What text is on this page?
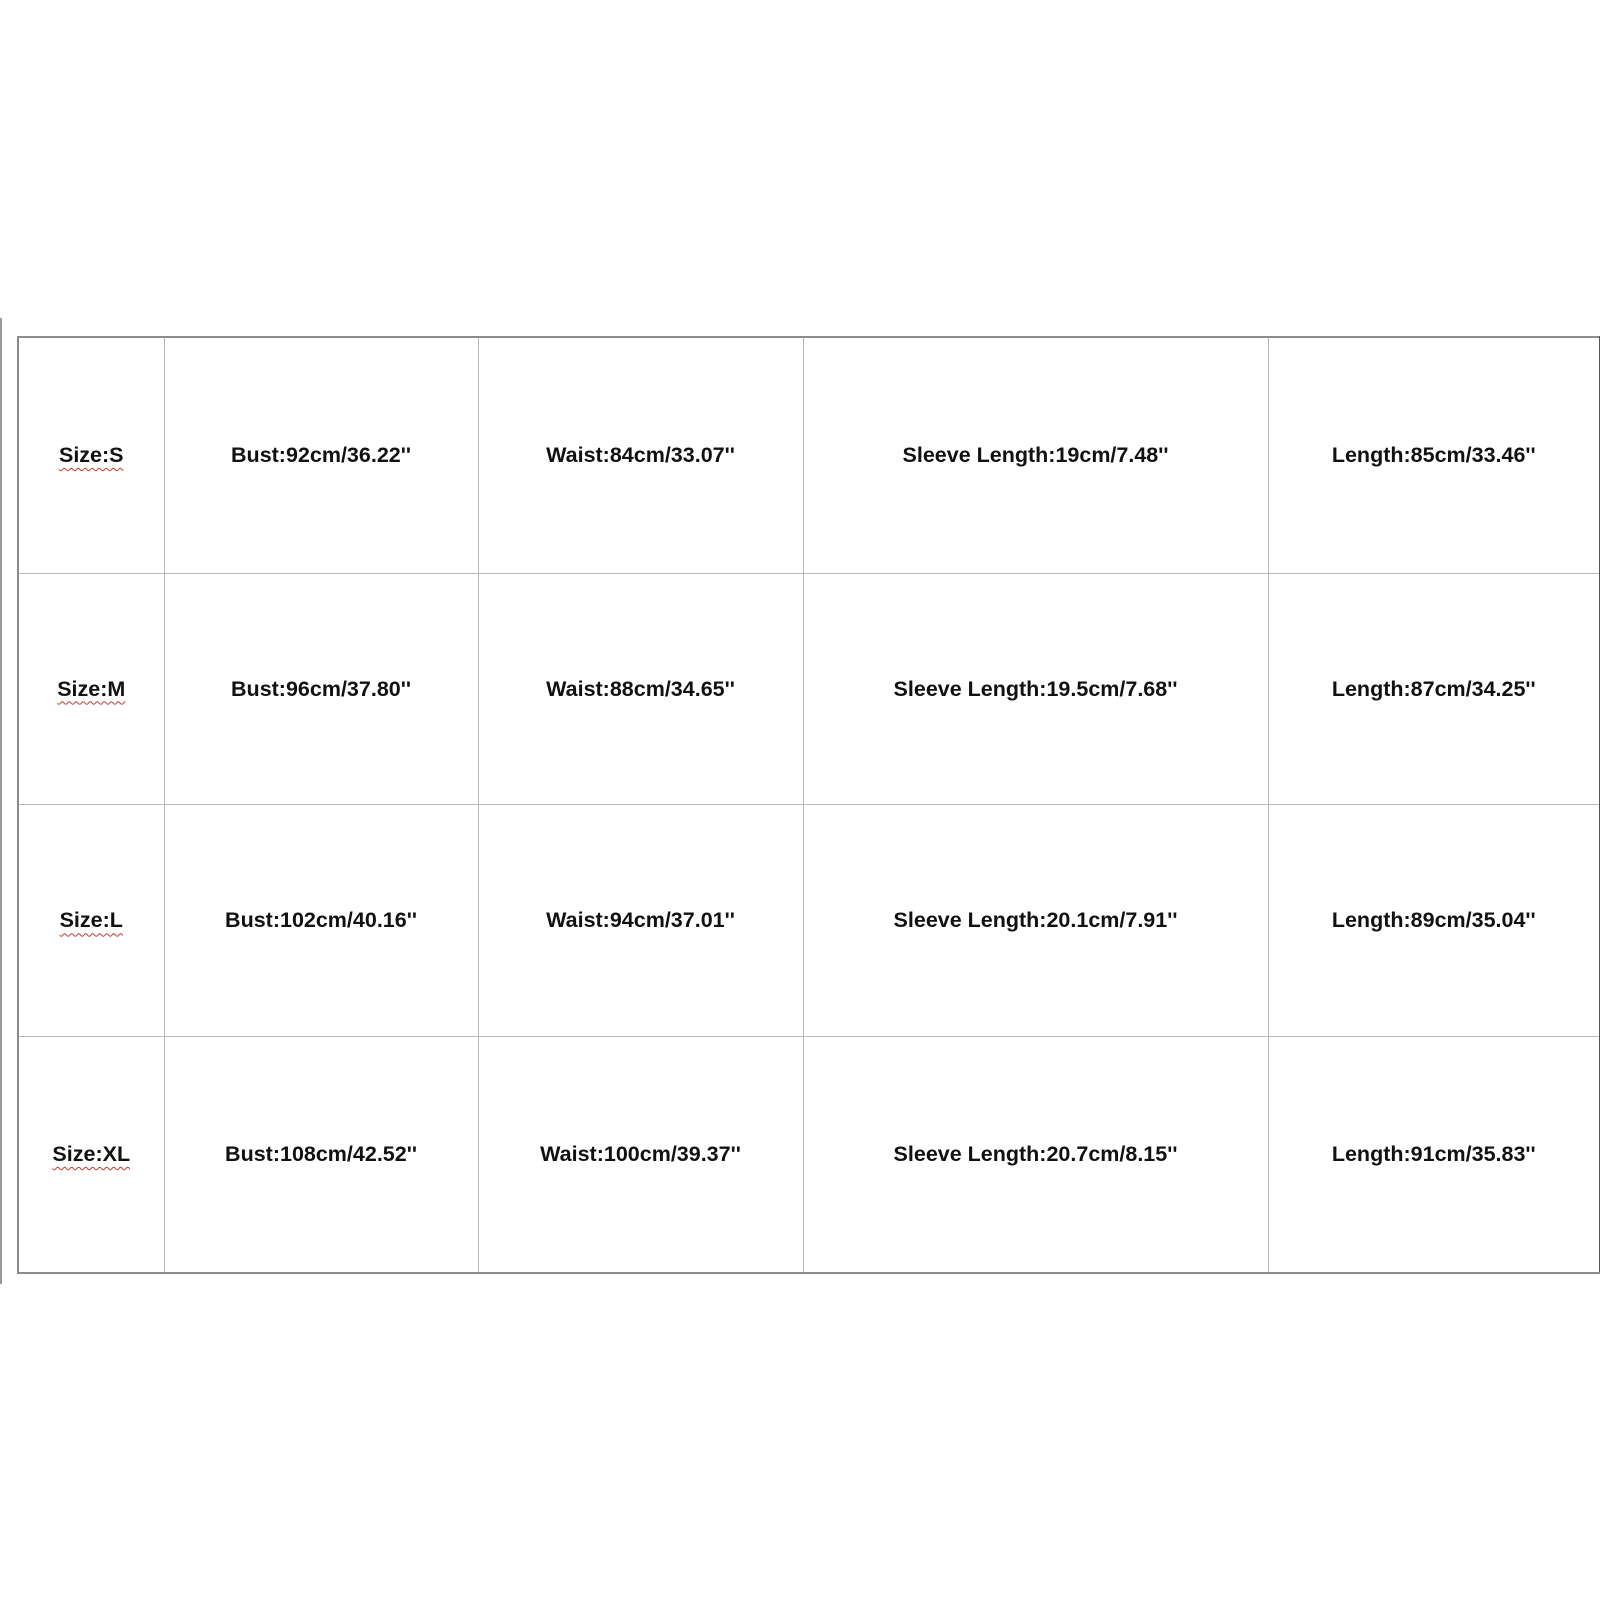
Size:S	Bust:92cm/36.22''	Waist:84cm/33.07''	Sleeve Length:19cm/7.48''	Length:85cm/33.46''
Size:M	Bust:96cm/37.80''	Waist:88cm/34.65''	Sleeve Length:19.5cm/7.68''	Length:87cm/34.25''
Size:L	Bust:102cm/40.16''	Waist:94cm/37.01''	Sleeve Length:20.1cm/7.91''	Length:89cm/35.04''
Size:XL	Bust:108cm/42.52''	Waist:100cm/39.37''	Sleeve Length:20.7cm/8.15''	Length:91cm/35.83''
